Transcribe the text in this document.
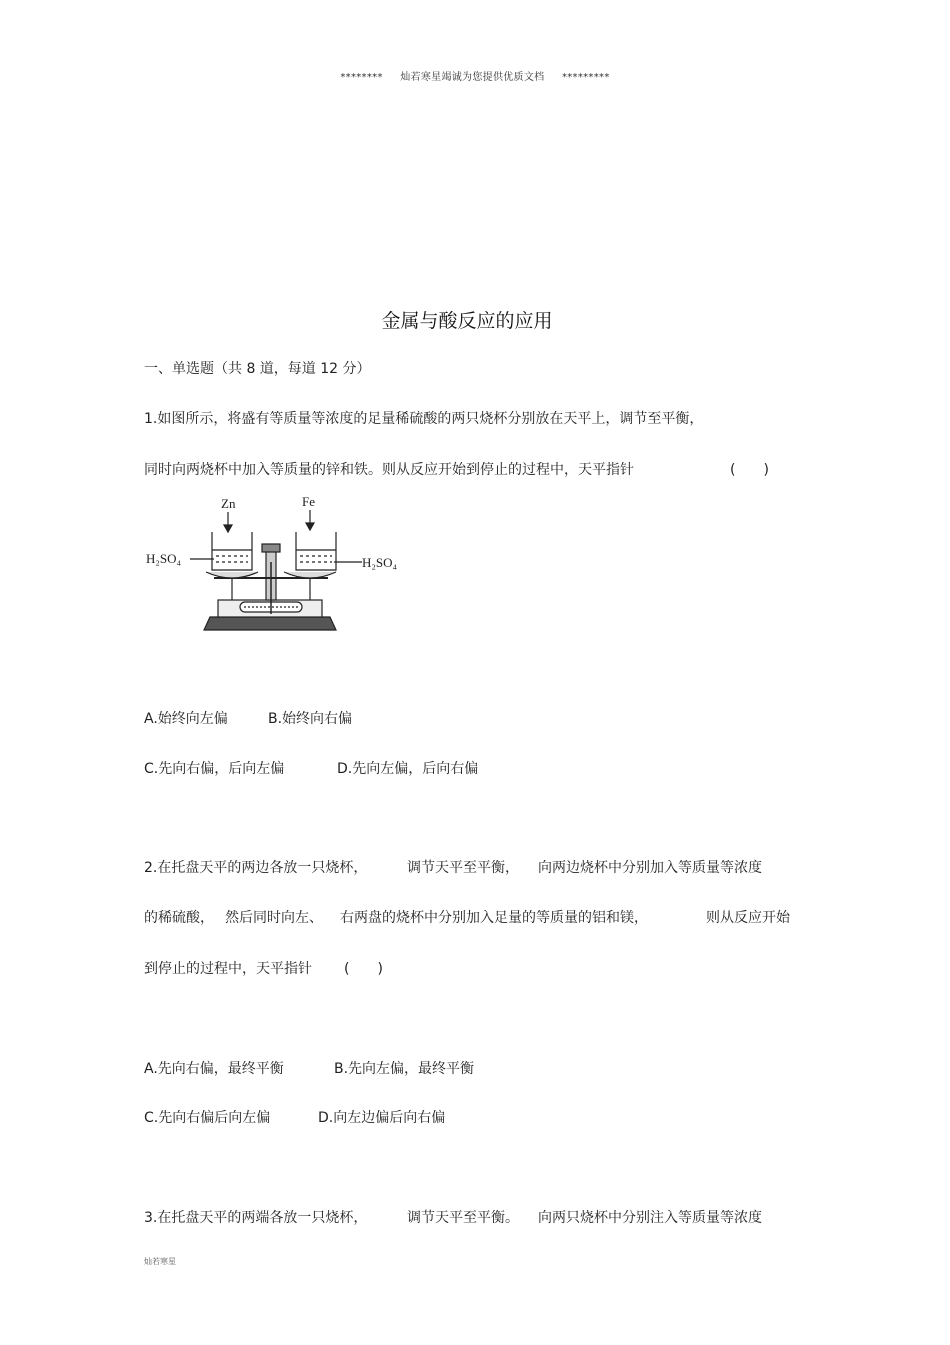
******** 灿若寒星竭诚为您提供优质文档 *********
金属与酸反应的应用
一、单选题（共 8 道，每道 12 分）
1.如图所示，将盛有等质量等浓度的足量稀硫酸的两只烧杯分别放在天平上，调节至平衡，
同时向两烧杯中加入等质量的锌和铁。则从反应开始到停止的过程中，天平指针	(　　)
Zn	Fe
H₂SO₄	H₂SO₄
A.始终向左偏	B.始终向右偏
C.先向右偏，后向左偏	D.先向左偏，后向右偏
2.在托盘天平的两边各放一只烧杯，	调节天平至平衡， 向两边烧杯中分别加入等质量等浓度
的稀硫酸， 然后同时向左、 右两盘的烧杯中分别加入足量的等质量的铝和镁，	则从反应开始
到停止的过程中，天平指针 (　　)
A.先向右偏，最终平衡	B.先向左偏，最终平衡
C.先向右偏后向左偏	D.向左边偏后向右偏
3.在托盘天平的两端各放一只烧杯，	调节天平至平衡。 向两只烧杯中分别注入等质量等浓度
灿若寒星
